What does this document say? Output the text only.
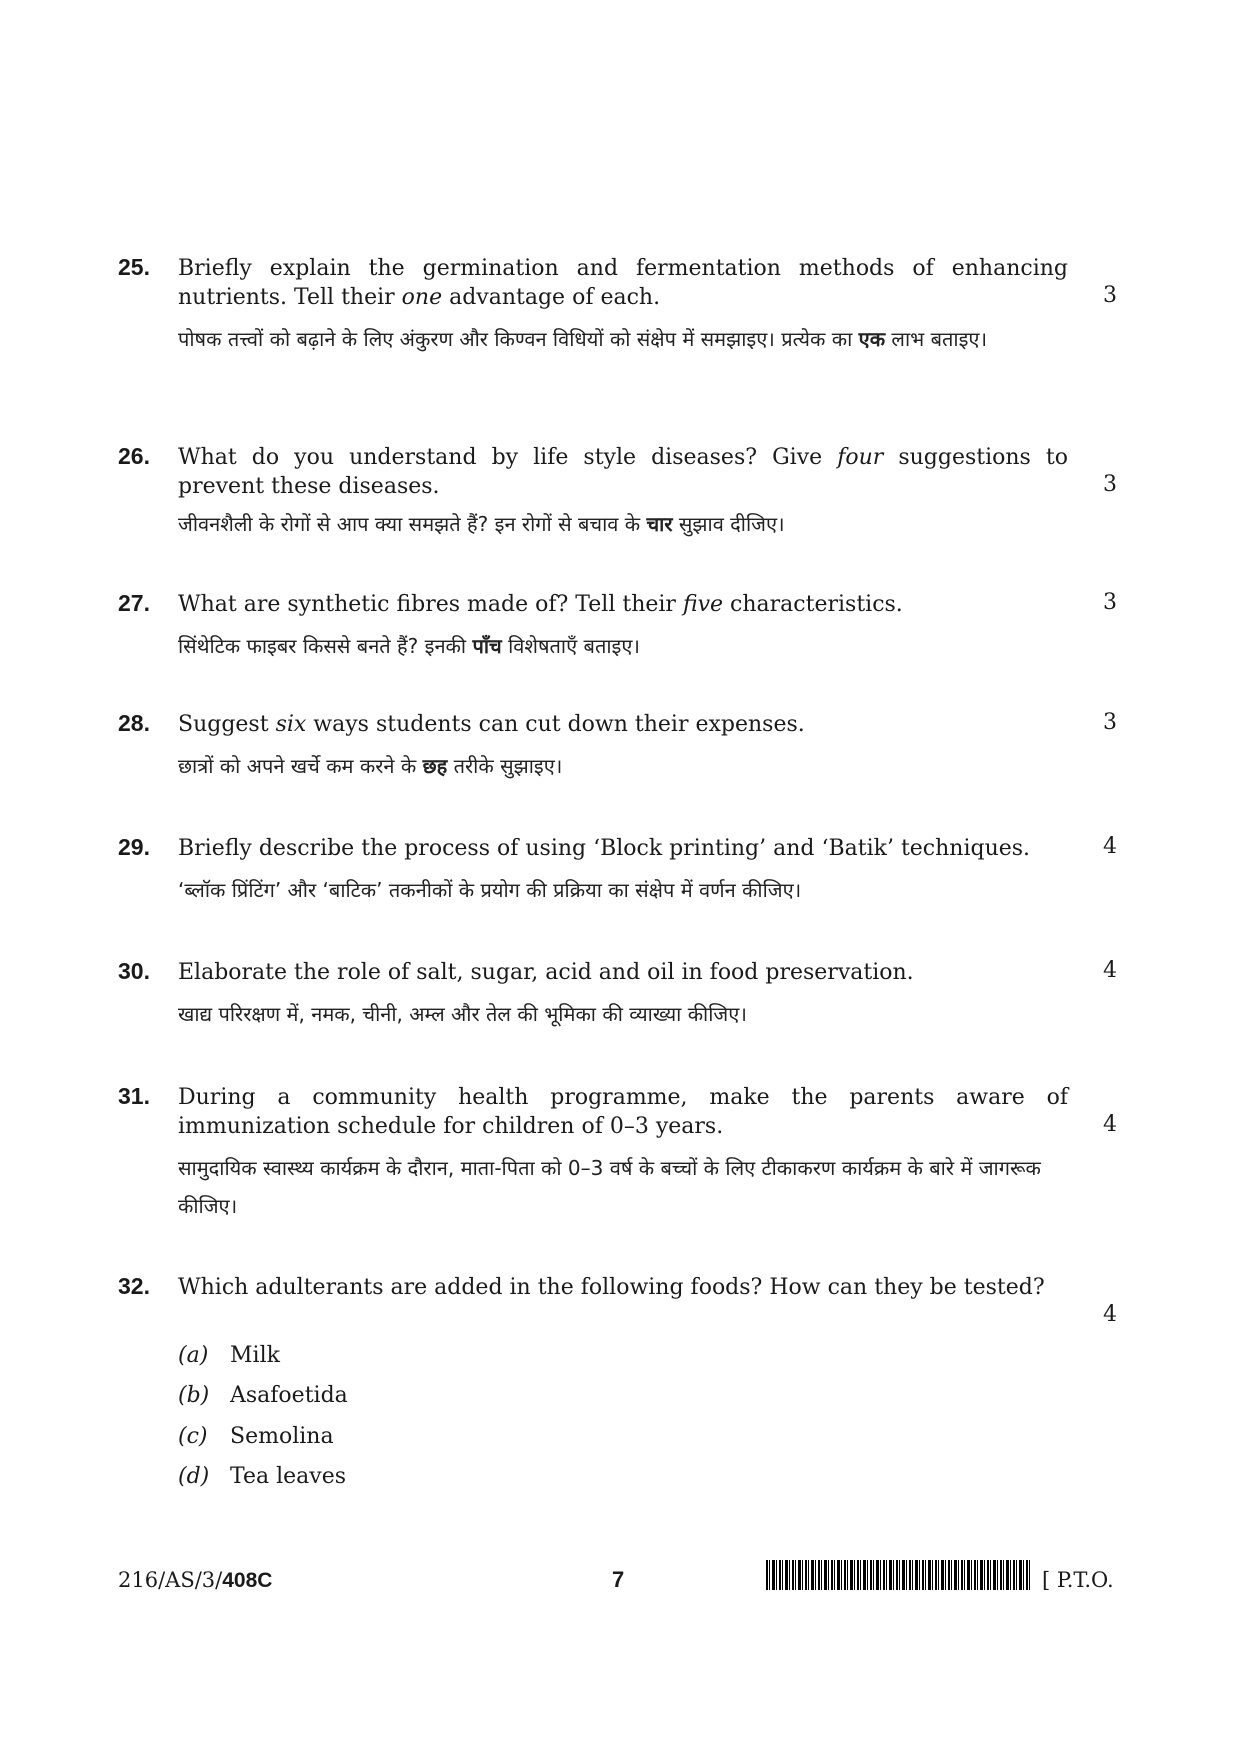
25. Briefly explain the germination and fermentation methods of enhancing nutrients. Tell their one advantage of each.

पोषक तत्त्वों को बढ़ाने के लिए अंकुरण और किण्वन विधियों को संक्षेप में समझाइए। प्रत्येक का एक लाभ बताइए।

3
26. What do you understand by life style diseases? Give four suggestions to prevent these diseases.

जीवनशैली के रोगों से आप क्या समझते हैं? इन रोगों से बचाव के चार सुझाव दीजिए।

3
27. What are synthetic fibres made of? Tell their five characteristics.

सिंथेटिक फाइबर किससे बनते हैं? इनकी पाँच विशेषताएँ बताइए।

3
28. Suggest six ways students can cut down their expenses.

छात्रों को अपने खर्चे कम करने के छह तरीके सुझाइए।

3
29. Briefly describe the process of using ‘Block printing’ and ‘Batik’ techniques.

‘ब्लॉक प्रिंटिंग’ और ‘बाटिक’ तकनीकों के प्रयोग की प्रक्रिया का संक्षेप में वर्णन कीजिए।

4
30. Elaborate the role of salt, sugar, acid and oil in food preservation.

खाद्य परिरक्षण में, नमक, चीनी, अम्ल और तेल की भूमिका की व्याख्या कीजिए।

4
31. During a community health programme, make the parents aware of immunization schedule for children of 0–3 years.

सामुदायिक स्वास्थ्य कार्यक्रम के दौरान, माता-पिता को 0–3 वर्ष के बच्चों के लिए टीकाकरण कार्यक्रम के बारे में जागरूक कीजिए।

4
32. Which adulterants are added in the following foods? How can they be tested?

4
(a) Milk
(b) Asafoetida
(c) Semolina
(d) Tea leaves
216/AS/3/408C	7	[ P.T.O.
